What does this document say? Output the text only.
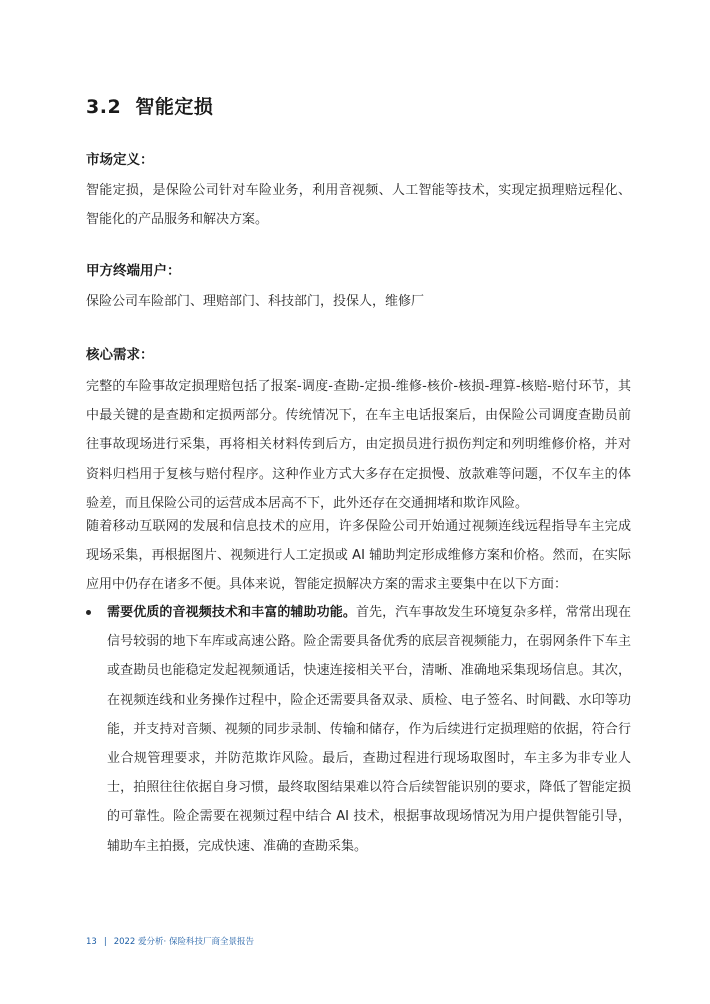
3.2 智能定损
市场定义：
智能定损，是保险公司针对车险业务，利用音视频、人工智能等技术，实现定损理赔远程化、智能化的产品服务和解决方案。
甲方终端用户：
保险公司车险部门、理赔部门、科技部门，投保人，维修厂
核心需求：
完整的车险事故定损理赔包括了报案-调度-查勘-定损-维修-核价-核损-理算-核赔-赔付环节，其中最关键的是查勘和定损两部分。传统情况下，在车主电话报案后，由保险公司调度查勘员前往事故现场进行采集，再将相关材料传到后方，由定损员进行损伤判定和列明维修价格，并对资料归档用于复核与赔付程序。这种作业方式大多存在定损慢、放款难等问题，不仅车主的体验差，而且保险公司的运营成本居高不下，此外还存在交通拥堵和欺诈风险。
随着移动互联网的发展和信息技术的应用，许多保险公司开始通过视频连线远程指导车主完成现场采集，再根据图片、视频进行人工定损或 AI 辅助判定形成维修方案和价格。然而，在实际应用中仍存在诸多不便。具体来说，智能定损解决方案的需求主要集中在以下方面：
需要优质的音视频技术和丰富的辅助功能。首先，汽车事故发生环境复杂多样，常常出现在信号较弱的地下车库或高速公路。险企需要具备优秀的底层音视频能力，在弱网条件下车主或查勘员也能稳定发起视频通话，快速连接相关平台，清晰、准确地采集现场信息。其次，在视频连线和业务操作过程中，险企还需要具备双录、质检、电子签名、时间戳、水印等功能，并支持对音频、视频的同步录制、传输和储存，作为后续进行定损理赔的依据，符合行业合规管理要求，并防范欺诈风险。最后，查勘过程进行现场取图时，车主多为非专业人士，拍照往往依据自身习惯，最终取图结果难以符合后续智能识别的要求，降低了智能定损的可靠性。险企需要在视频过程中结合 AI 技术，根据事故现场情况为用户提供智能引导，辅助车主拍摄，完成快速、准确的查勘采集。
13 | 2022 爱分析· 保险科技厂商全景报告
